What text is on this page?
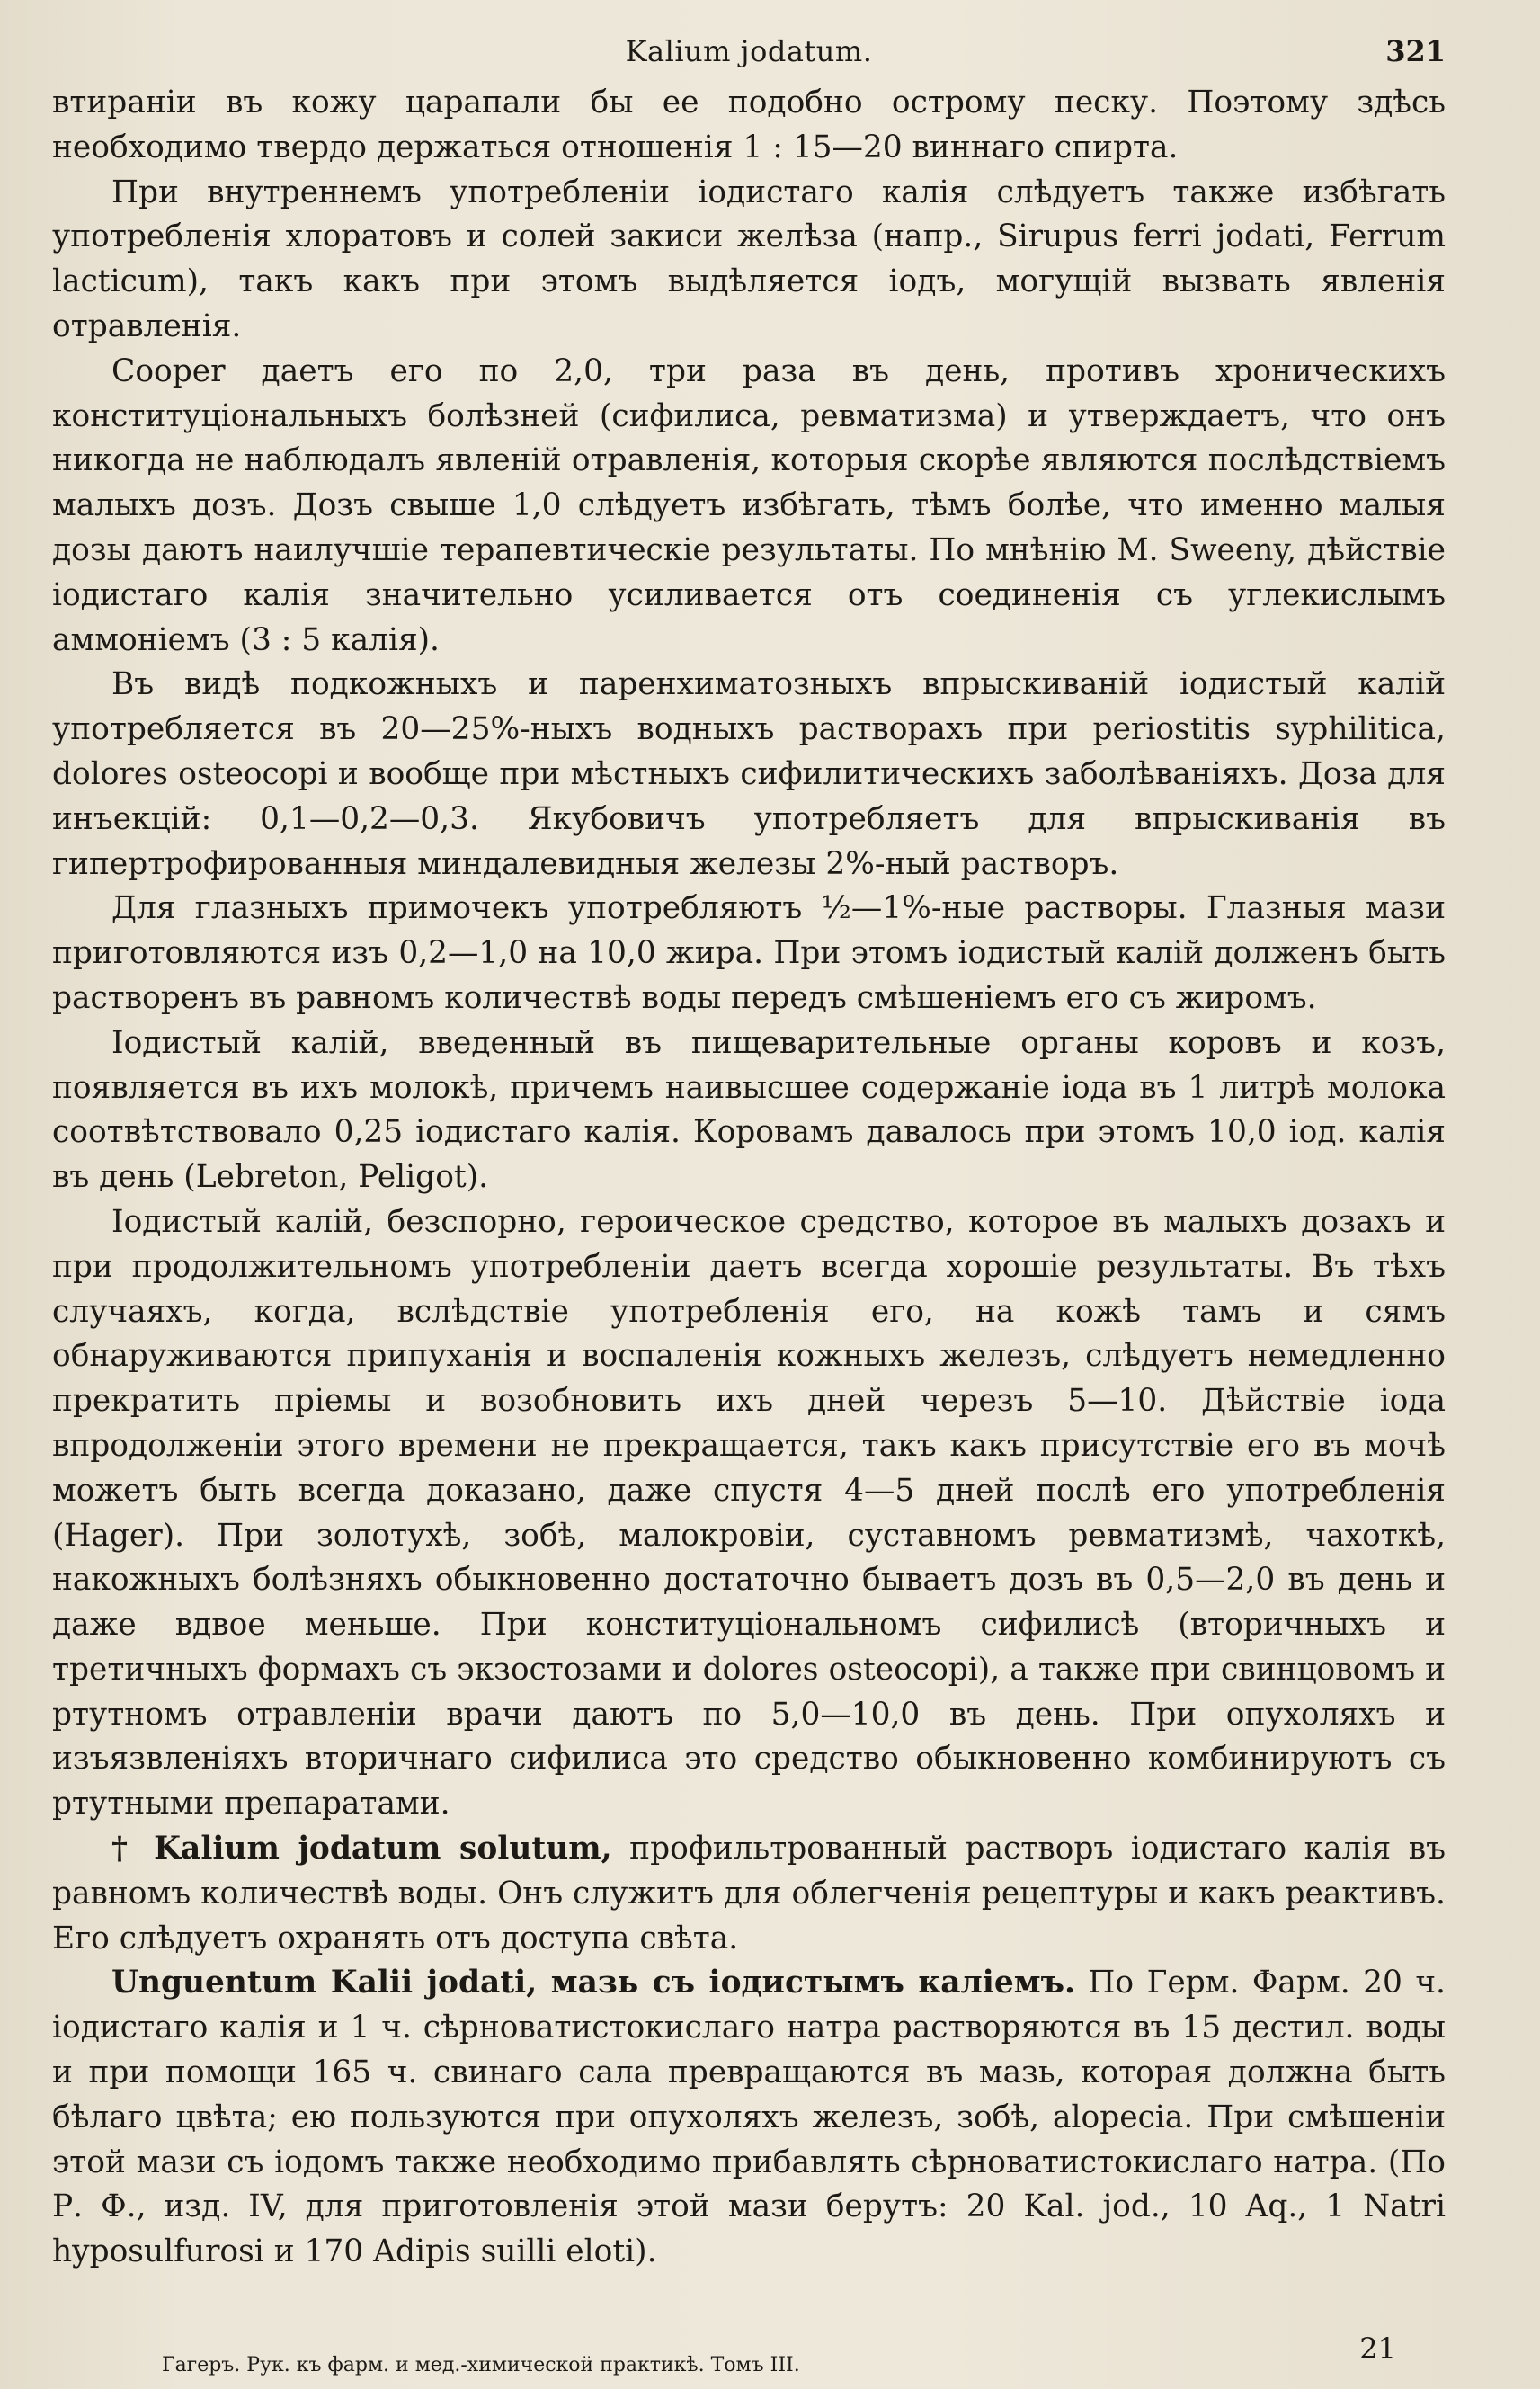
Kalium jodatum.	321

втираніи въ кожу царапали бы ее подобно острому песку. Поэтому здѣсь необходимо твердо держаться отношенія 1 : 15—20 виннаго спирта.

При внутреннемъ употребленіи іодистаго калія слѣдуетъ также избѣгать употребленія хлоратовъ и солей закиси желѣза (напр., Sirupus ferri jodati, Ferrum lacticum), такъ какъ при этомъ выдѣляется іодъ, могущій вызвать явленія отравленія.

Cooper даетъ его по 2,0, три раза въ день, противъ хроническихъ конституціональныхъ болѣзней (сифилиса, ревматизма) и утверждаетъ, что онъ никогда не наблюдалъ явленій отравленія, которыя скорѣе являются послѣдствіемъ малыхъ дозъ. Дозъ свыше 1,0 слѣдуетъ избѣгать, тѣмъ болѣе, что именно малыя дозы даютъ наилучшіе терапевтическіе результаты. По мнѣнію M. Sweeny, дѣйствіе іодистаго калія значительно усиливается отъ соединенія съ углекислымъ аммоніемъ (3 : 5 калія).

Въ видѣ подкожныхъ и паренхиматозныхъ впрыскиваній іодистый калій употребляется въ 20—25%-ныхъ водныхъ растворахъ при periostitis syphilitica, dolores osteocopi и вообще при мѣстныхъ сифилитическихъ заболѣваніяхъ. Доза для инъекцій: 0,1—0,2—0,3. Якубовичъ употребляетъ для впрыскиванія въ гипертрофированныя миндалевидныя железы 2%-ный растворъ.

Для глазныхъ примочекъ употребляютъ ½—1%-ные растворы. Глазныя мази приготовляются изъ 0,2—1,0 на 10,0 жира. При этомъ іодистый калій долженъ быть растворенъ въ равномъ количествѣ воды передъ смѣшеніемъ его съ жиромъ.

Іодистый калій, введенный въ пищеварительные органы коровъ и козъ, появляется въ ихъ молокѣ, причемъ наивысшее содержаніе іода въ 1 литрѣ молока соотвѣтствовало 0,25 іодистаго калія. Коровамъ давалось при этомъ 10,0 іод. калія въ день (Lebreton, Peligot).

Іодистый калій, безспорно, героическое средство, которое въ малыхъ дозахъ и при продолжительномъ употребленіи даетъ всегда хорошіе результаты. Въ тѣхъ случаяхъ, когда, вслѣдствіе употребленія его, на кожѣ тамъ и сямъ обнаруживаются припуханія и воспаленія кожныхъ железъ, слѣдуетъ немедленно прекратить пріемы и возобновить ихъ дней черезъ 5—10. Дѣйствіе іода впродолженіи этого времени не прекращается, такъ какъ присутствіе его въ мочѣ можетъ быть всегда доказано, даже спустя 4—5 дней послѣ его употребленія (Hager). При золотухѣ, зобѣ, малокровіи, суставномъ ревматизмѣ, чахоткѣ, накожныхъ болѣзняхъ обыкновенно достаточно бываетъ дозъ въ 0,5—2,0 въ день и даже вдвое меньше. При конституціональномъ сифилисѣ (вторичныхъ и третичныхъ формахъ съ экзостозами и dolores osteocopi), а также при свинцовомъ и ртутномъ отравленіи врачи даютъ по 5,0—10,0 въ день. При опухоляхъ и изъязвленіяхъ вторичнаго сифилиса это средство обыкновенно комбинируютъ съ ртутными препаратами.

† Kalium jodatum solutum, профильтрованный растворъ іодистаго калія въ равномъ количествѣ воды. Онъ служитъ для облегченія рецептуры и какъ реактивъ. Его слѣдуетъ охранять отъ доступа свѣта.

Unguentum Kalii jodati, мазь съ іодистымъ каліемъ. По Герм. Фарм. 20 ч. іодистаго калія и 1 ч. сѣрноватистокислаго натра растворяются въ 15 дестил. воды и при помощи 165 ч. свинаго сала превращаются въ мазь, которая должна быть бѣлаго цвѣта; ею пользуются при опухоляхъ железъ, зобѣ, alopecia. При смѣшеніи этой мази съ іодомъ также необходимо прибавлять сѣрноватистокислаго натра. (По Р. Ф., изд. IV, для приготовленія этой мази берутъ: 20 Kal. jod., 10 Aq., 1 Natri hyposulfurosi и 170 Adipis suilli eloti).

Гагеръ. Рук. къ фарм. и мед.-химической практикѣ. Томъ III.	21
